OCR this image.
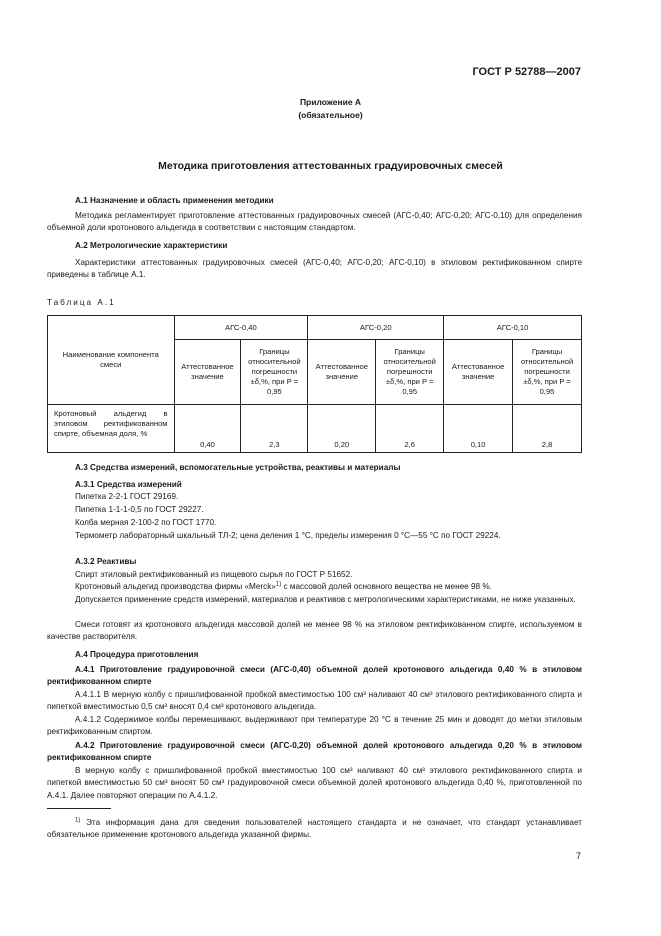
ГОСТ Р 52788—2007
Приложение А
(обязательное)
Методика приготовления аттестованных градуировочных смесей
А.1 Назначение и область применения методики
Методика регламентирует приготовление аттестованных градуировочных смесей (АГС-0,40; АГС-0,20; АГС-0,10) для определения объемной доли кротонового альдегида в соответствии с настоящим стандартом.
А.2 Метрологические характеристики
Характеристики аттестованных градуировочных смесей (АГС-0,40; АГС-0,20; АГС-0,10) в этиловом ректификованном спирте приведены в таблице А.1.
Таблица А.1
Наименование компонента смеси	АГС-0,40		АГС-0,20		АГС-0,10	
	Аттестованное значение	Границы относительной погрешности ±δ,%, при P = 0,95	Аттестованное значение	Границы относительной погрешности ±δ,%, при P = 0,95	Аттестованное значение	Границы относительной погрешности ±δ,%, при P = 0,95
Кротоновый альдегид в этиловом ректификованном спирте, объемная доля, %	0,40	2,3	0,20	2,6	0,10	2,8
А.3 Средства измерений, вспомогательные устройства, реактивы и материалы
А.3.1 Средства измерений
Пипетка 2-2-1 ГОСТ 29169.
Пипетка 1-1-1-0,5 по ГОСТ 29227.
Колба мерная 2-100-2 по ГОСТ 1770.
Термометр лабораторный шкальный ТЛ-2; цена деления 1 °С, пределы измерения 0 °С—55 °С по ГОСТ 29224.
А.3.2 Реактивы
Спирт этиловый ректификованный из пищевого сырья по ГОСТ Р 51652.
Кротоновый альдегид производства фирмы «Merck»$^{1)}$ с массовой долей основного вещества не менее 98 %.
Допускается применение средств измерений, материалов и реактивов с метрологическими характеристиками, не ниже указанных.
Смеси готовят из кротонового альдегида массовой долей не менее 98 % на этиловом ректификованном спирте, используемом в качестве растворителя.
А.4 Процедура приготовления
А.4.1 Приготовление градуировочной смеси (АГС-0,40) объемной долей кротонового альдегида 0,40 % в этиловом ректификованном спирте
А.4.1.1 В мерную колбу с пришлифованной пробкой вместимостью 100 см³ наливают 40 см³ этилового ректификованного спирта и пипеткой вместимостью 0,5 см³ вносят 0,4 см³ кротонового альдегида.
А.4.1.2 Содержимое колбы перемешивают, выдерживают при температуре 20 °С в течение 25 мин и доводят до метки этиловым ректификованным спиртом.
А.4.2 Приготовление градуировочной смеси (АГС-0,20) объемной долей кротонового альдегида 0,20 % в этиловом ректификованном спирте
В мерную колбу с пришлифованной пробкой вместимостью 100 см³ наливают 40 см³ этилового ректификованного спирта и пипеткой вместимостью 50 см³ вносят 50 см³ градуировочной смеси объемной долей кротонового альдегида 0,40 %, приготовленной по А.4.1. Далее повторяют операции по А.4.1.2.
$^{1)}$ Эта информация дана для сведения пользователей настоящего стандарта и не означает, что стандарт устанавливает обязательное применение кротонового альдегида указанной фирмы.
7
